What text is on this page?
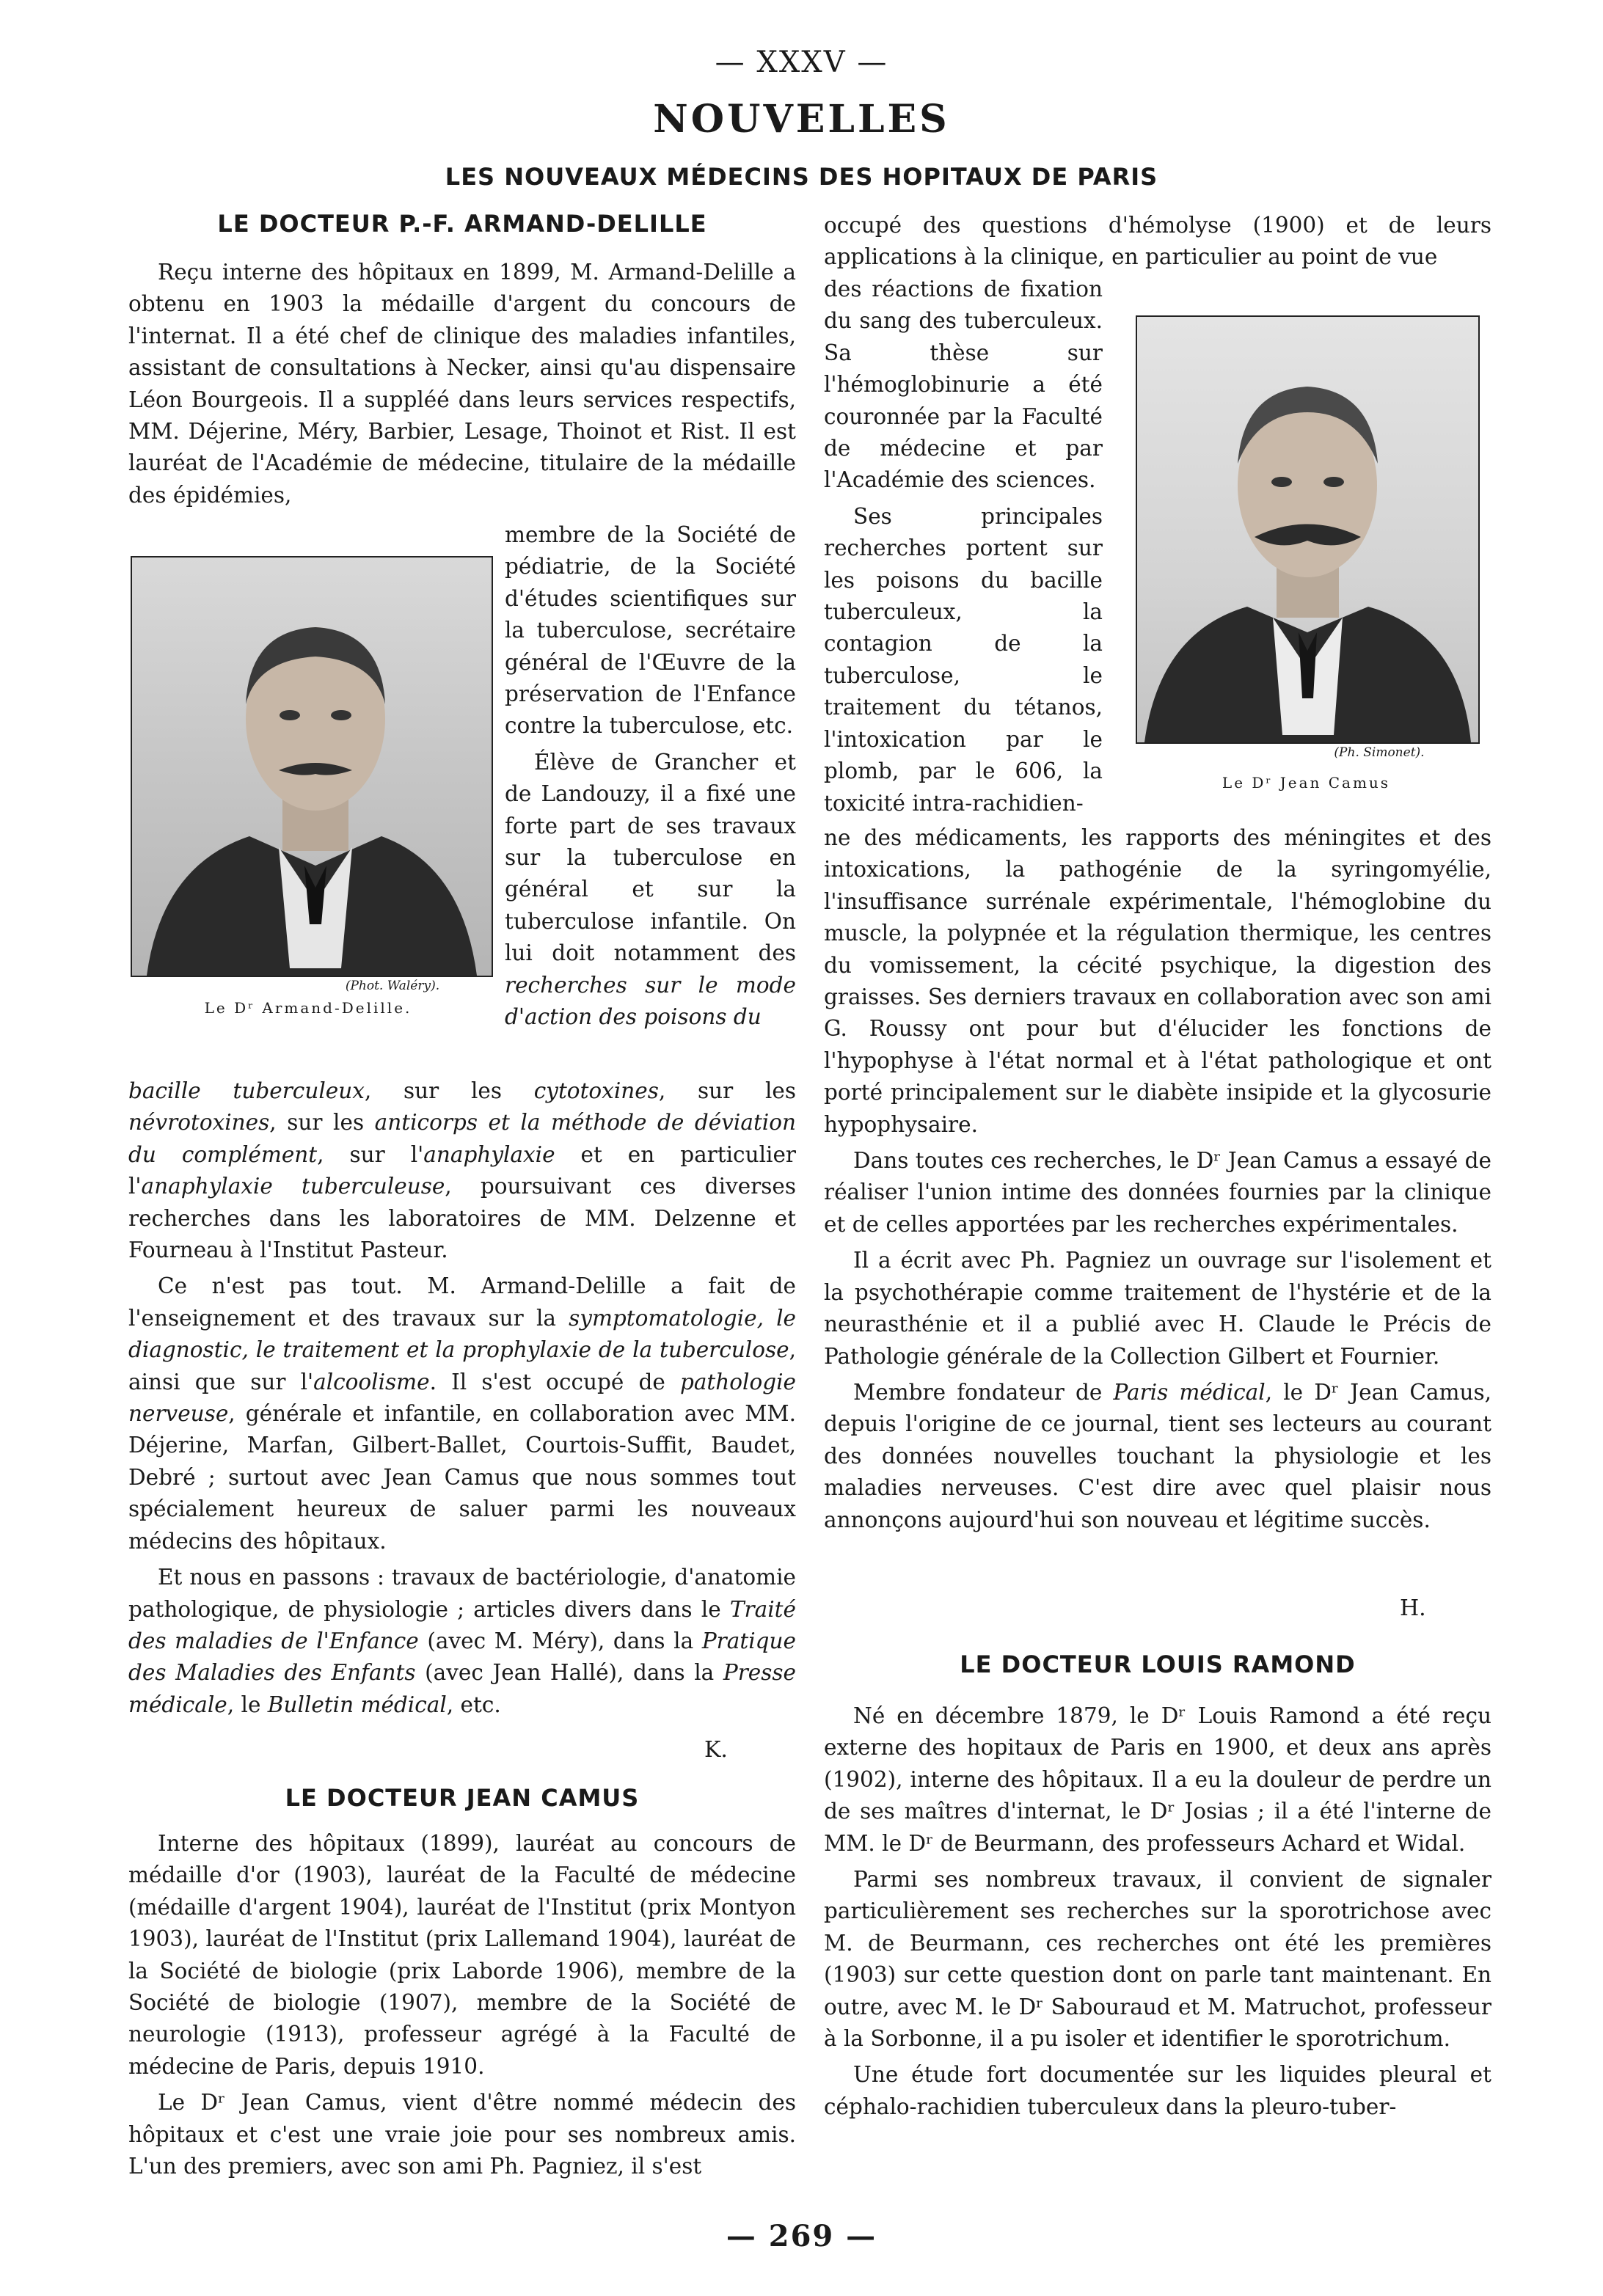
— XXXV —
NOUVELLES
LES NOUVEAUX MÉDECINS DES HOPITAUX DE PARIS
LE DOCTEUR P.-F. ARMAND-DELILLE

Reçu interne des hôpitaux en 1899, M. Armand-Delille a obtenu en 1903 la médaille d'argent du concours de l'internat. Il a été chef de clinique des maladies infantiles, assistant de consultations à Necker, ainsi qu'au dispensaire Léon Bourgeois. Il a suppléé dans leurs services respectifs, MM. Déjerine, Méry, Barbier, Lesage, Thoinot et Rist. Il est lauréat de l'Académie de médecine, titulaire de la médaille des épidémies,

(Phot. Waléry).
Le Dʳ Armand-Delille.

membre de la Société de pédiatrie, de la Société d'études scientifiques sur la tuberculose, secrétaire général de l'Œuvre de la préservation de l'Enfance contre la tuberculose, etc.

Élève de Grancher et de Landouzy, il a fixé une forte part de ses travaux sur la tuberculose en général et sur la tuberculose infantile. On lui doit notamment des recherches sur le mode d'action des poisons du

bacille tuberculeux, sur les cytotoxines, sur les névrotoxines, sur les anticorps et la méthode de déviation du complément, sur l'anaphylaxie et en particulier l'anaphylaxie tuberculeuse, poursuivant ces diverses recherches dans les laboratoires de MM. Delzenne et Fourneau à l'Institut Pasteur.

Ce n'est pas tout. M. Armand-Delille a fait de l'enseignement et des travaux sur la symptomatologie, le diagnostic, le traitement et la prophylaxie de la tuberculose, ainsi que sur l'alcoolisme. Il s'est occupé de pathologie nerveuse, générale et infantile, en collaboration avec MM. Déjerine, Marfan, Gilbert-Ballet, Courtois-Suffit, Baudet, Debré ; surtout avec Jean Camus que nous sommes tout spécialement heureux de saluer parmi les nouveaux médecins des hôpitaux.

Et nous en passons : travaux de bactériologie, d'anatomie pathologique, de physiologie ; articles divers dans le Traité des maladies de l'Enfance (avec M. Méry), dans la Pratique des Maladies des Enfants (avec Jean Hallé), dans la Presse médicale, le Bulletin médical, etc.

K.
LE DOCTEUR JEAN CAMUS

Interne des hôpitaux (1899), lauréat au concours de médaille d'or (1903), lauréat de la Faculté de médecine (médaille d'argent 1904), lauréat de l'Institut (prix Montyon 1903), lauréat de l'Institut (prix Lallemand 1904), lauréat de la Société de biologie (prix Laborde 1906), membre de la Société de biologie (1907), membre de la Société de neurologie (1913), professeur agrégé à la Faculté de médecine de Paris, depuis 1910.

Le Dʳ Jean Camus, vient d'être nommé médecin des hôpitaux et c'est une vraie joie pour ses nombreux amis. L'un des premiers, avec son ami Ph. Pagniez, il s'est

occupé des questions d'hémolyse (1900) et de leurs applications à la clinique, en particulier au point de vue

des réactions de fixation du sang des tuberculeux. Sa thèse sur l'hémoglobinurie a été couronnée par la Faculté de médecine et par l'Académie des sciences.

Ses principales recherches portent sur les poisons du bacille tuberculeux, la contagion de la tuberculose, le traitement du tétanos, l'intoxication par le plomb, par le 606, la toxicité intra-rachidien-

(Ph. Simonet).
Le Dʳ Jean Camus

ne des médicaments, les rapports des méningites et des intoxications, la pathogénie de la syringomyélie, l'insuffisance surrénale expérimentale, l'hémoglobine du muscle, la polypnée et la régulation thermique, les centres du vomissement, la cécité psychique, la digestion des graisses. Ses derniers travaux en collaboration avec son ami G. Roussy ont pour but d'élucider les fonctions de l'hypophyse à l'état normal et à l'état pathologique et ont porté principalement sur le diabète insipide et la glycosurie hypophysaire.

Dans toutes ces recherches, le Dʳ Jean Camus a essayé de réaliser l'union intime des données fournies par la clinique et de celles apportées par les recherches expérimentales.

Il a écrit avec Ph. Pagniez un ouvrage sur l'isolement et la psychothérapie comme traitement de l'hystérie et de la neurasthénie et il a publié avec H. Claude le Précis de Pathologie générale de la Collection Gilbert et Fournier.

Membre fondateur de Paris médical, le Dʳ Jean Camus, depuis l'origine de ce journal, tient ses lecteurs au courant des données nouvelles touchant la physiologie et les maladies nerveuses. C'est dire avec quel plaisir nous annonçons aujourd'hui son nouveau et légitime succès.

H.
LE DOCTEUR LOUIS RAMOND

Né en décembre 1879, le Dʳ Louis Ramond a été reçu externe des hopitaux de Paris en 1900, et deux ans après (1902), interne des hôpitaux. Il a eu la douleur de perdre un de ses maîtres d'internat, le Dʳ Josias ; il a été l'interne de MM. le Dʳ de Beurmann, des professeurs Achard et Widal.

Parmi ses nombreux travaux, il convient de signaler particulièrement ses recherches sur la sporotrichose avec M. de Beurmann, ces recherches ont été les premières (1903) sur cette question dont on parle tant maintenant. En outre, avec M. le Dʳ Sabouraud et M. Matruchot, professeur à la Sorbonne, il a pu isoler et identifier le sporotrichum.

Une étude fort documentée sur les liquides pleural et céphalo-rachidien tuberculeux dans la pleuro-tuber-

— 269 —
